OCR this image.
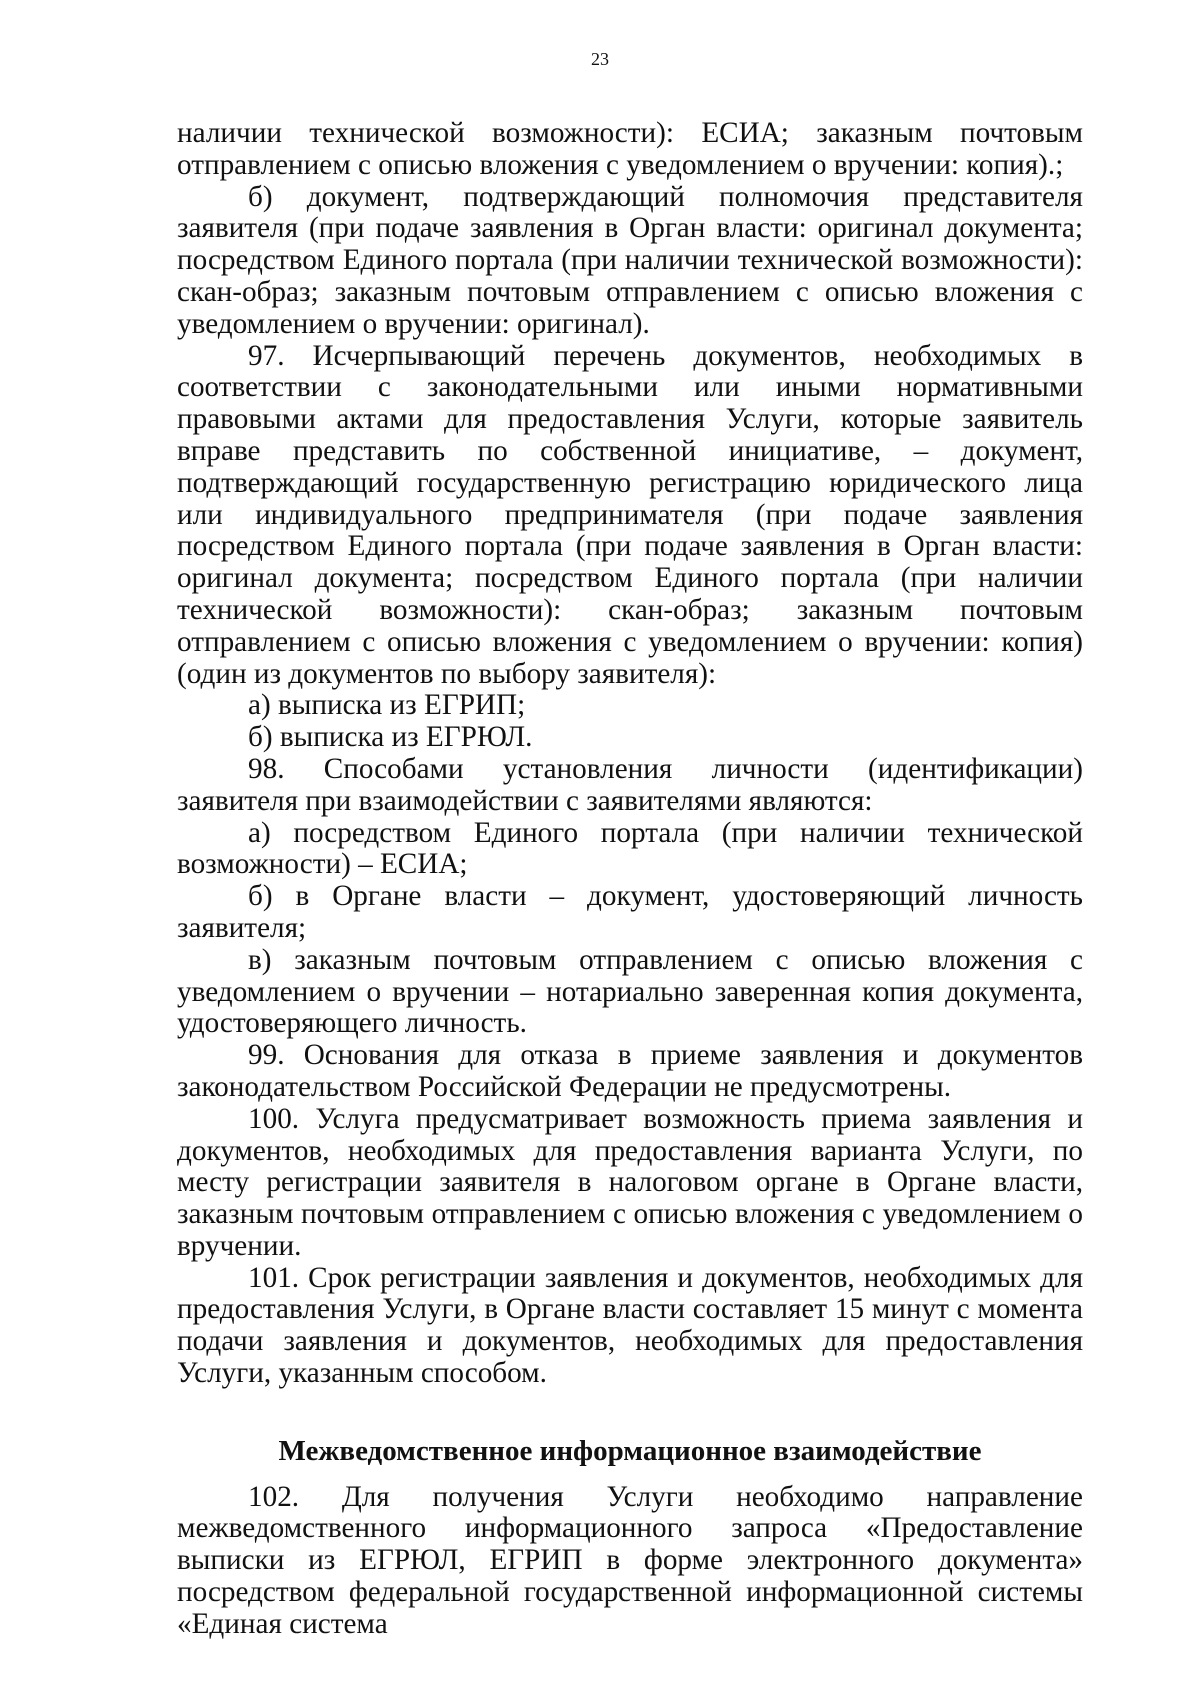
23

наличии технической возможности): ЕСИА; заказным почтовым отправлением с описью вложения с уведомлением о вручении: копия).;

б) документ, подтверждающий полномочия представителя заявителя (при подаче заявления в Орган власти: оригинал документа; посредством Единого портала (при наличии технической возможности): скан-образ; заказным почтовым отправлением с описью вложения с уведомлением о вручении: оригинал).

97. Исчерпывающий перечень документов, необходимых в соответствии с законодательными или иными нормативными правовыми актами для предоставления Услуги, которые заявитель вправе представить по собственной инициативе, – документ, подтверждающий государственную регистрацию юридического лица или индивидуального предпринимателя (при подаче заявления посредством Единого портала (при подаче заявления в Орган власти: оригинал документа; посредством Единого портала (при наличии технической возможности): скан-образ; заказным почтовым отправлением с описью вложения с уведомлением о вручении: копия) (один из документов по выбору заявителя):

а) выписка из ЕГРИП;

б) выписка из ЕГРЮЛ.

98. Способами установления личности (идентификации) заявителя при взаимодействии с заявителями являются:

а) посредством Единого портала (при наличии технической возможности) – ЕСИА;

б) в Органе власти – документ, удостоверяющий личность заявителя;

в) заказным почтовым отправлением с описью вложения с уведомлением о вручении – нотариально заверенная копия документа, удостоверяющего личность.

99. Основания для отказа в приеме заявления и документов законодательством Российской Федерации не предусмотрены.

100. Услуга предусматривает возможность приема заявления и документов, необходимых для предоставления варианта Услуги, по месту регистрации заявителя в налоговом органе в Органе власти, заказным почтовым отправлением с описью вложения с уведомлением о вручении.

101. Срок регистрации заявления и документов, необходимых для предоставления Услуги, в Органе власти составляет 15 минут с момента подачи заявления и документов, необходимых для предоставления Услуги, указанным способом.

Межведомственное информационное взаимодействие

102. Для получения Услуги необходимо направление межведомственного информационного запроса «Предоставление выписки из ЕГРЮЛ, ЕГРИП в форме электронного документа» посредством федеральной государственной информационной системы «Единая система
